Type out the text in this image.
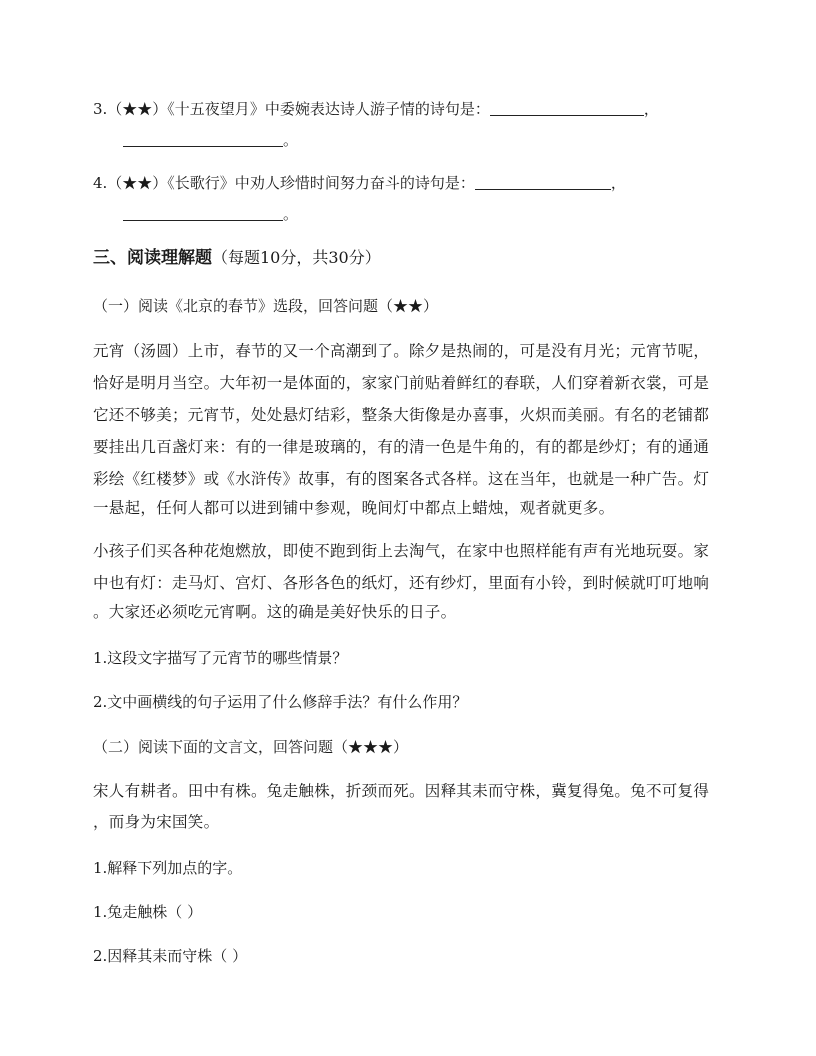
3.（★★）《十五夜望月》中委婉表达诗人游子情的诗句是：	，
。
4.（★★）《长歌行》中劝人珍惜时间努力奋斗的诗句是：	，
。
三、阅读理解题（每题10分，共30分）
（一）阅读《北京的春节》选段，回答问题（★★）
元宵（汤圆）上市，春节的又一个高潮到了。除夕是热闹的，可是没有月光；元宵节呢，
恰好是明月当空。大年初一是体面的，家家门前贴着鲜红的春联，人们穿着新衣裳，可是
它还不够美；元宵节，处处悬灯结彩，整条大街像是办喜事，火炽而美丽。有名的老铺都
要挂出几百盏灯来：有的一律是玻璃的，有的清一色是牛角的，有的都是纱灯；有的通通
彩绘《红楼梦》或《水浒传》故事，有的图案各式各样。这在当年，也就是一种广告。灯
一悬起，任何人都可以进到铺中参观，晚间灯中都点上蜡烛，观者就更多。
小孩子们买各种花炮燃放，即使不跑到街上去淘气，在家中也照样能有声有光地玩耍。家
中也有灯：走马灯、宫灯、各形各色的纸灯，还有纱灯，里面有小铃，到时候就叮叮地响
。大家还必须吃元宵啊。这的确是美好快乐的日子。
1.这段文字描写了元宵节的哪些情景？
2.文中画横线的句子运用了什么修辞手法？有什么作用？
（二）阅读下面的文言文，回答问题（★★★）
宋人有耕者。田中有株。兔走触株，折颈而死。因释其耒而守株，冀复得兔。兔不可复得
，而身为宋国笑。
1.解释下列加点的字。
1.兔走触株（ ）
2.因释其耒而守株（ ）
